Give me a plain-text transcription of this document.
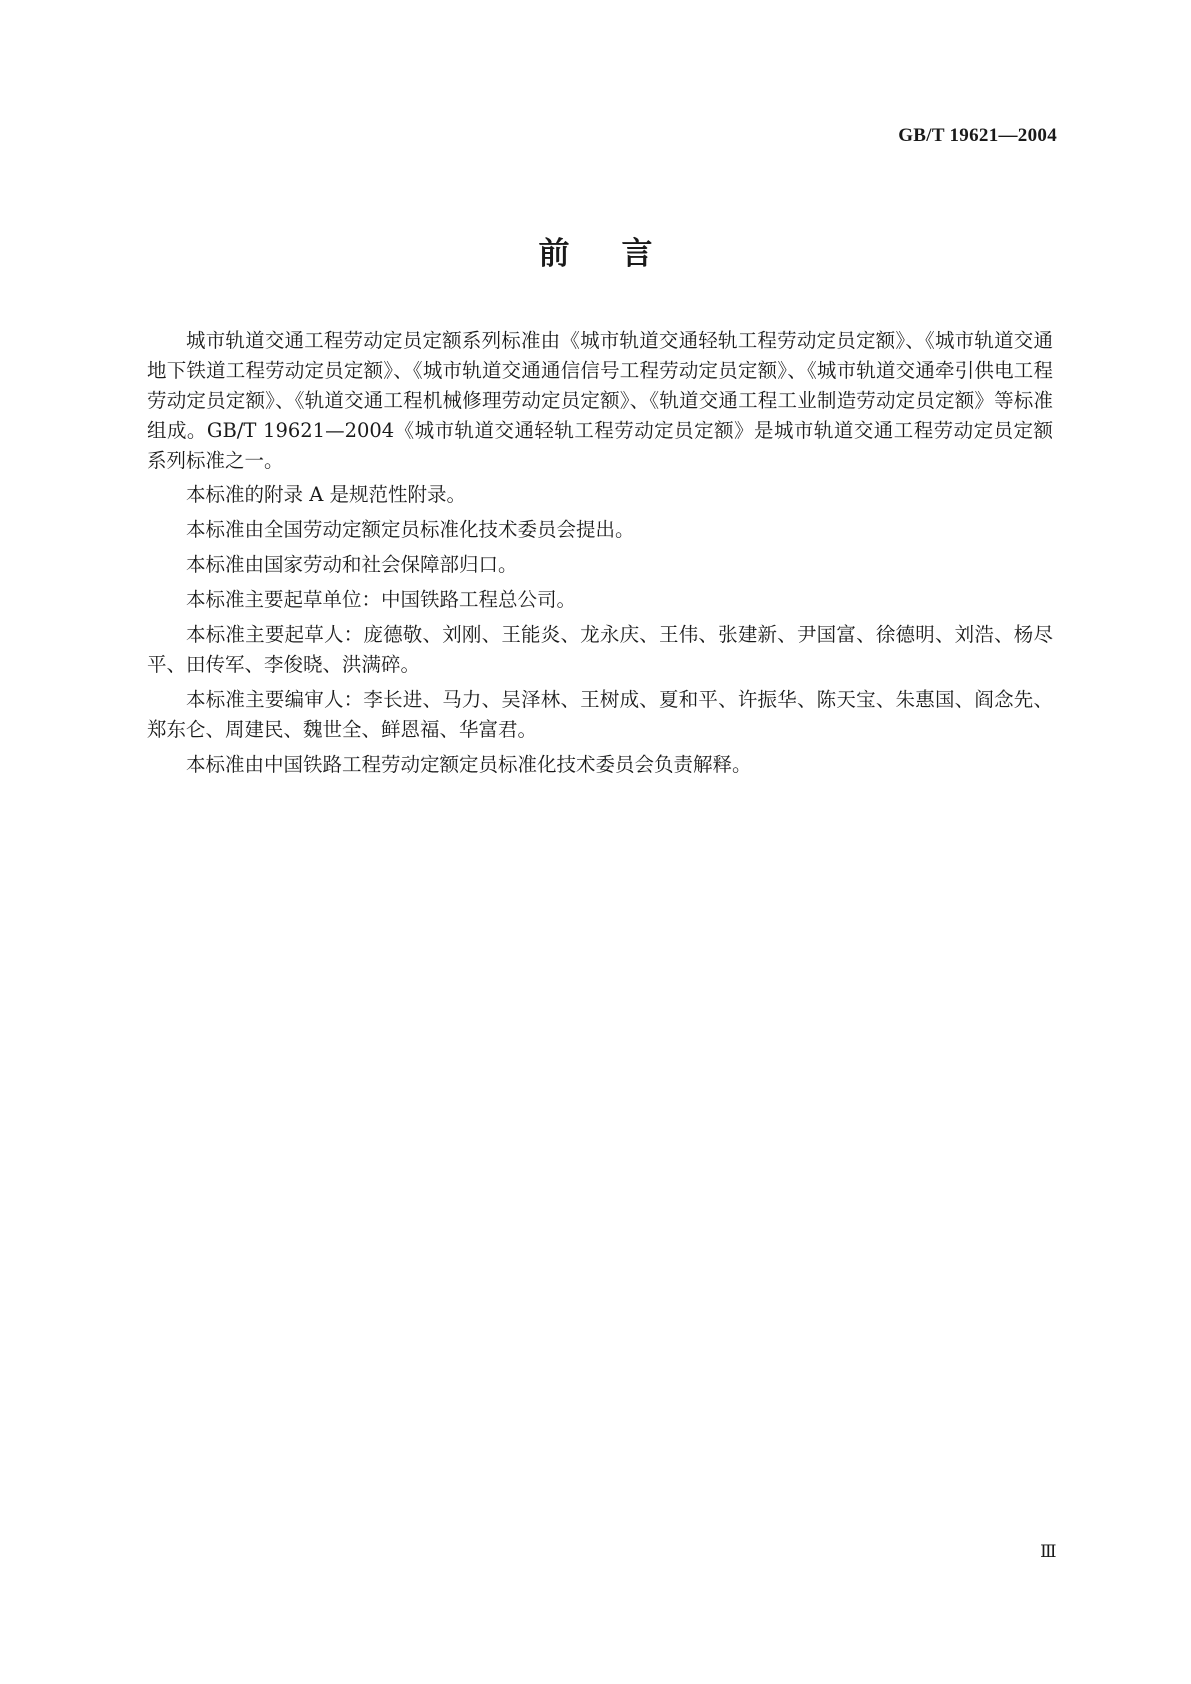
GB/T 19621—2004
前言

城市轨道交通工程劳动定员定额系列标准由《城市轨道交通轻轨工程劳动定员定额》、《城市轨道交通地下铁道工程劳动定员定额》、《城市轨道交通通信信号工程劳动定员定额》、《城市轨道交通牵引供电工程劳动定员定额》、《轨道交通工程机械修理劳动定员定额》、《轨道交通工程工业制造劳动定员定额》等标准组成。GB/T 19621—2004《城市轨道交通轻轨工程劳动定员定额》是城市轨道交通工程劳动定员定额系列标准之一。

本标准的附录 A 是规范性附录。

本标准由全国劳动定额定员标准化技术委员会提出。

本标准由国家劳动和社会保障部归口。

本标准主要起草单位：中国铁路工程总公司。

本标准主要起草人：庞德敬、刘刚、王能炎、龙永庆、王伟、张建新、尹国富、徐德明、刘浩、杨尽平、田传军、李俊晓、洪满碎。

本标准主要编审人：李长进、马力、吴泽林、王树成、夏和平、许振华、陈天宝、朱惠国、阎念先、郑东仑、周建民、魏世全、鲜恩福、华富君。

本标准由中国铁路工程劳动定额定员标准化技术委员会负责解释。

Ⅲ
